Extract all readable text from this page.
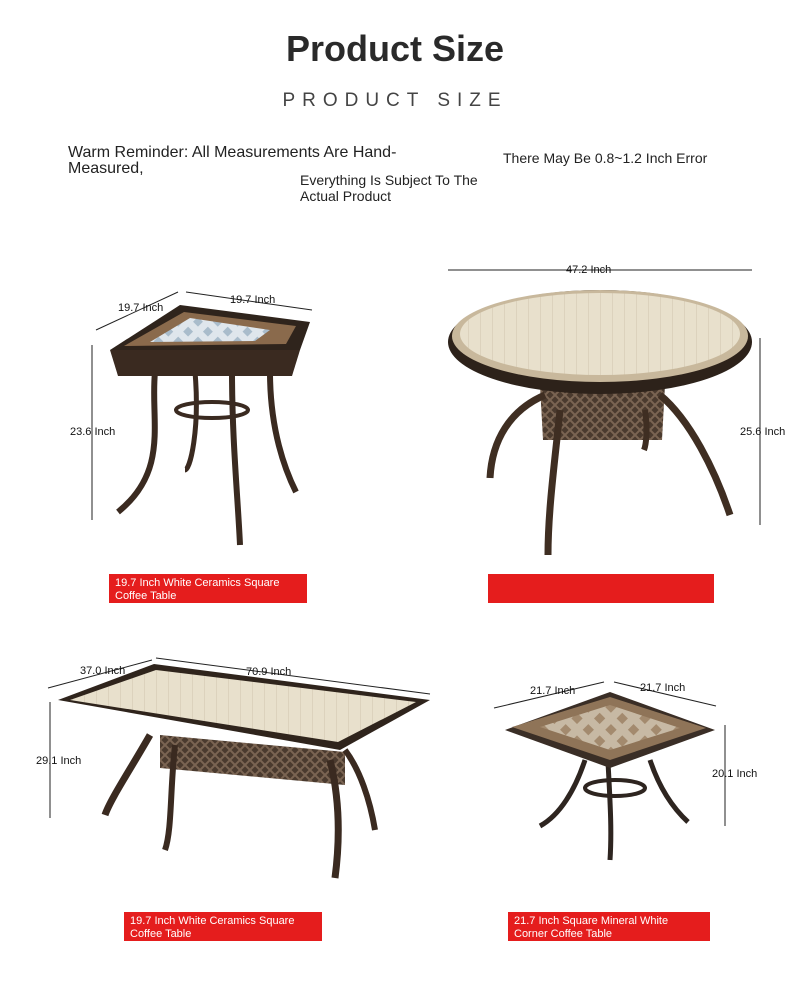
Product Size
PRODUCT SIZE
Warm Reminder: All Measurements Are Hand-Measured,
There May Be 0.8~1.2 Inch Error
Everything Is Subject To The Actual Product
19.7 Inch
19.7 Inch
23.6 Inch
47.2 Inch
25.6 Inch
37.0 Inch	70.9 Inch
29.1 Inch
21.7 Inch	21.7 Inch
20.1 Inch
19.7 Inch White Ceramics Square Coffee Table
19.7 Inch White Ceramics Square Coffee Table
21.7 Inch Square Mineral White Corner Coffee Table
